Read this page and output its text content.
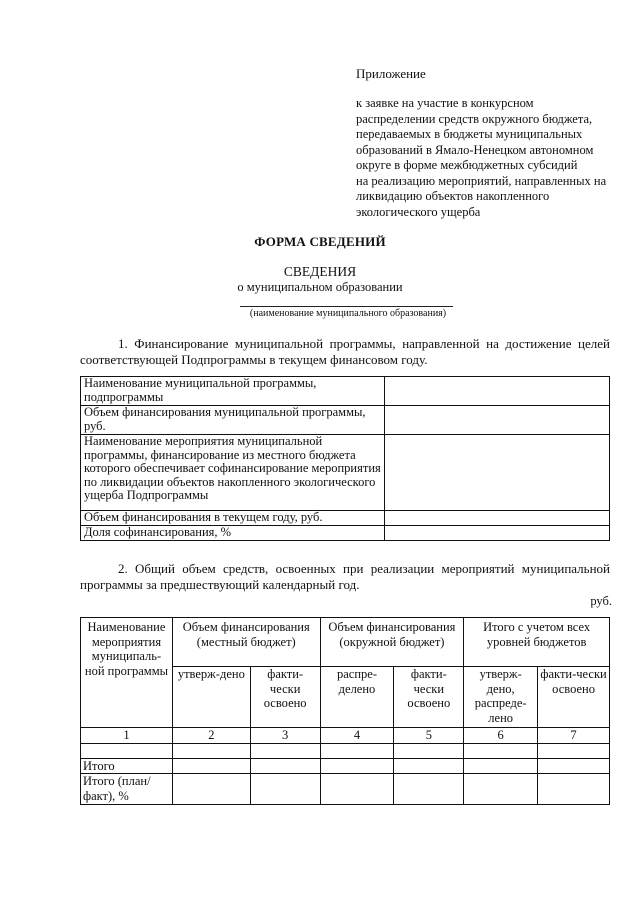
Приложение
к заявке на участие в конкурсном
распределении средств окружного бюджета,
передаваемых в бюджеты муниципальных
образований в Ямало-Ненецком автономном
округе в форме межбюджетных субсидий
на реализацию мероприятий, направленных на
ликвидацию объектов накопленного
экологического ущерба
ФОРМА СВЕДЕНИЙ
СВЕДЕНИЯ
о муниципальном образовании
(наименование муниципального образования)
1. Финансирование муниципальной программы, направленной на достижение целей соответствующей Подпрограммы в текущем финансовом году.
Наименование муниципальной программы, подпрограммы	
Объем финансирования муниципальной программы, руб.	
Наименование мероприятия муниципальной программы, финансирование из местного бюджета которого обеспечивает софинансирование мероприятия по ликвидации объектов накопленного экологического ущерба Подпрограммы	
Объем финансирования в текущем году, руб.	
Доля софинансирования, %	
2. Общий объем средств, освоенных при реализации мероприятий муниципальной программы за предшествующий календарный год.
руб.
Наименование мероприятия муниципаль-ной программы	Объем финансирования (местный бюджет)		Объем финансирования (окружной бюджет)		Итого с учетом всех уровней бюджетов	
	утверж-дено	факти-чески освоено	распре-делено	факти-чески освоено	утверж-дено, распреде-лено	факти-чески освоено
1	2	3	4	5	6	7

Итого						
Итого (план/факт), %						
